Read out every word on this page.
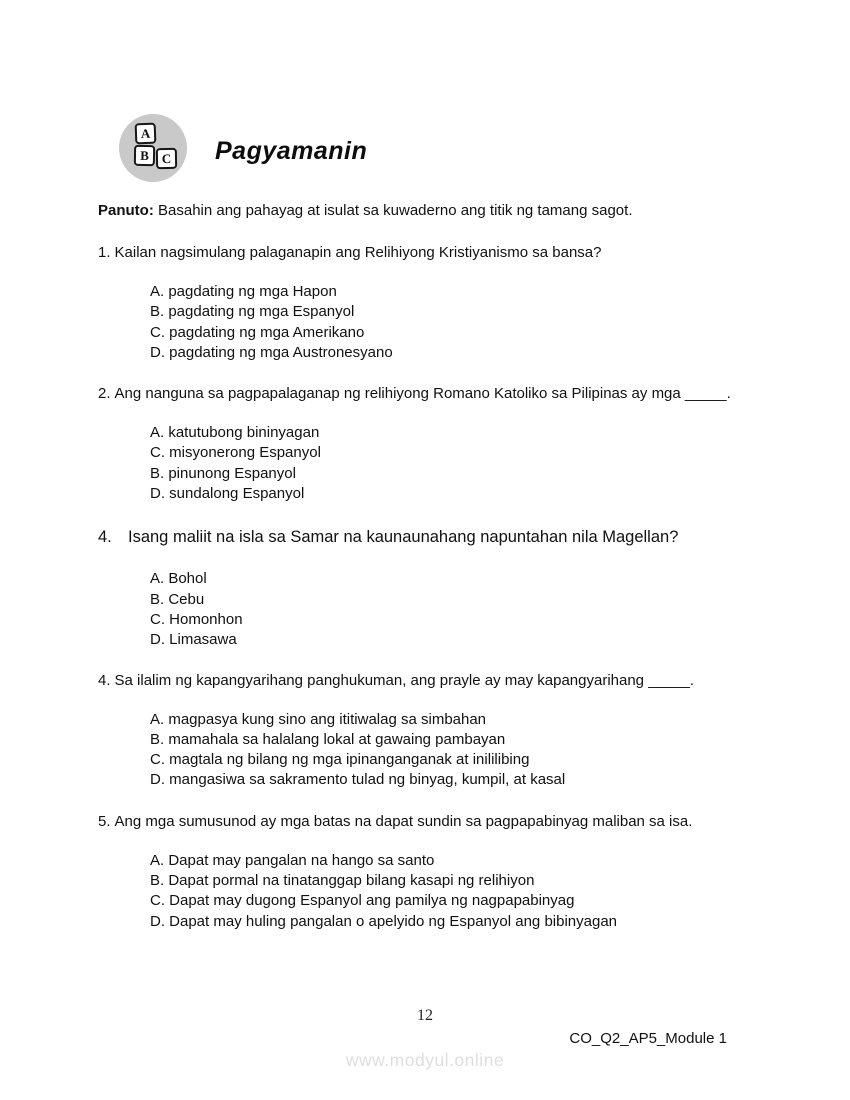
A
B C Pagyamanin
Panuto: Basahin ang pahayag at isulat sa kuwaderno ang titik ng tamang sagot.
1. Kailan nagsimulang palaganapin ang Relihiyong Kristiyanismo sa bansa?
A. pagdating ng mga Hapon
B. pagdating ng mga Espanyol
C. pagdating ng mga Amerikano
D. pagdating ng mga Austronesyano
2. Ang nanguna sa pagpapalaganap ng relihiyong Romano Katoliko sa Pilipinas ay mga _____.
A. katutubong bininyagan
C. misyonerong Espanyol
B. pinunong Espanyol
D. sundalong Espanyol
4. Isang maliit na isla sa Samar na kaunaunahang napuntahan nila Magellan?
A. Bohol
B. Cebu
C. Homonhon
D. Limasawa
4. Sa ilalim ng kapangyarihang panghukuman, ang prayle ay may kapangyarihang _____.
A. magpasya kung sino ang ititiwalag sa simbahan
B. mamahala sa halalang lokal at gawaing pambayan
C. magtala ng bilang ng mga ipinanganganak at inililibing
D. mangasiwa sa sakramento tulad ng binyag, kumpil, at kasal
5. Ang mga sumusunod ay mga batas na dapat sundin sa pagpapabinyag maliban sa isa.
A. Dapat may pangalan na hango sa santo
B. Dapat pormal na tinatanggap bilang kasapi ng relihiyon
C. Dapat may dugong Espanyol ang pamilya ng nagpapabinyag
D. Dapat may huling pangalan o apelyido ng Espanyol ang bibinyagan
12
CO_Q2_AP5_Module 1
www.modyul.online
